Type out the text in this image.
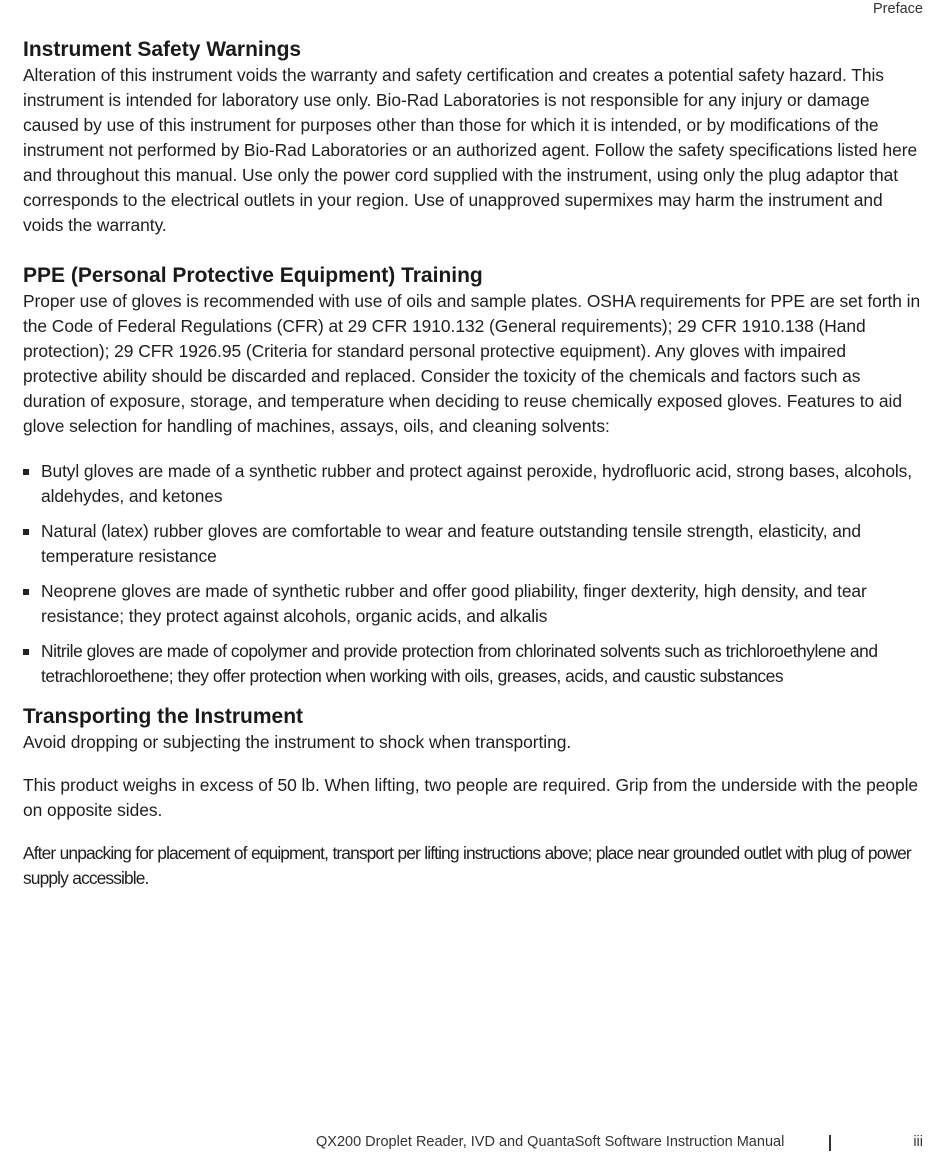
Preface
Instrument Safety Warnings

Alteration of this instrument voids the warranty and safety certification and creates a potential safety hazard. This instrument is intended for laboratory use only. Bio-Rad Laboratories is not responsible for any injury or damage caused by use of this instrument for purposes other than those for which it is intended, or by modifications of the instrument not performed by Bio-Rad Laboratories or an authorized agent. Follow the safety specifications listed here and throughout this manual. Use only the power cord supplied with the instrument, using only the plug adaptor that corresponds to the electrical outlets in your region. Use of unapproved supermixes may harm the instrument and voids the warranty.

PPE (Personal Protective Equipment) Training

Proper use of gloves is recommended with use of oils and sample plates. OSHA requirements for PPE are set forth in the Code of Federal Regulations (CFR) at 29 CFR 1910.132 (General requirements); 29 CFR 1910.138 (Hand protection); 29 CFR 1926.95 (Criteria for standard personal protective equipment). Any gloves with impaired protective ability should be discarded and replaced. Consider the toxicity of the chemicals and factors such as duration of exposure, storage, and temperature when deciding to reuse chemically exposed gloves. Features to aid glove selection for handling of machines, assays, oils, and cleaning solvents:

Butyl gloves are made of a synthetic rubber and protect against peroxide, hydrofluoric acid, strong bases, alcohols, aldehydes, and ketones
Natural (latex) rubber gloves are comfortable to wear and feature outstanding tensile strength, elasticity, and temperature resistance
Neoprene gloves are made of synthetic rubber and offer good pliability, finger dexterity, high density, and tear resistance; they protect against alcohols, organic acids, and alkalis
Nitrile gloves are made of copolymer and provide protection from chlorinated solvents such as trichloroethylene and tetrachloroethene; they offer protection when working with oils, greases, acids, and caustic substances
Transporting the Instrument

Avoid dropping or subjecting the instrument to shock when transporting.

This product weighs in excess of 50 lb. When lifting, two people are required. Grip from the underside with the people on opposite sides.

After unpacking for placement of equipment, transport per lifting instructions above; place near grounded outlet with plug of power supply accessible.

QX200 Droplet Reader, IVD and QuantaSoft Software Instruction Manual	iii
